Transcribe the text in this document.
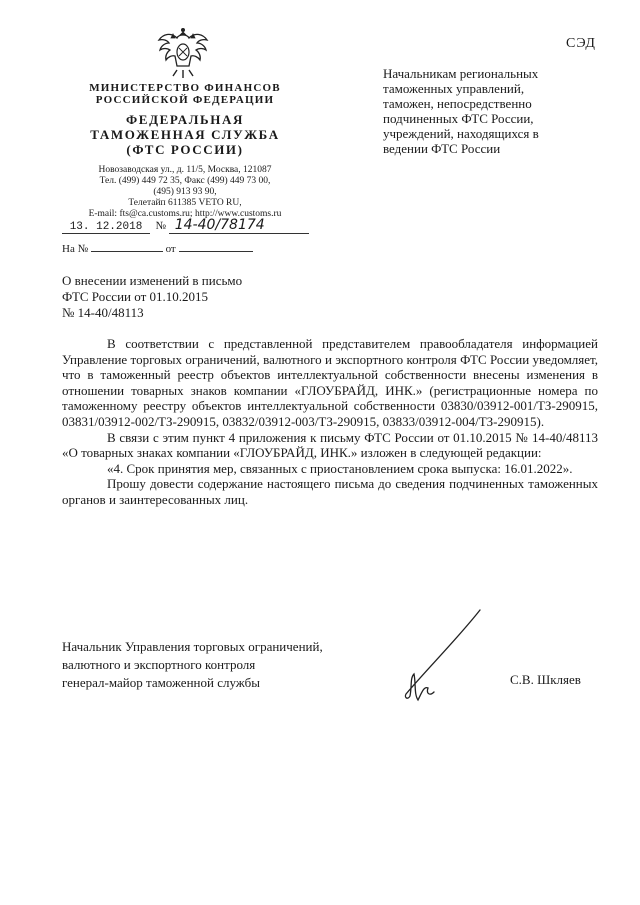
СЭД
МИНИСТЕРСТВО ФИНАНСОВ
РОССИЙСКОЙ ФЕДЕРАЦИИ
ФЕДЕРАЛЬНАЯ
ТАМОЖЕННАЯ СЛУЖБА
(ФТС РОССИИ)
Новозаводская ул., д. 11/5, Москва, 121087
Тел. (499) 449 72 35, Факс (499) 449 73 00,
(495) 913 93 90,
Телетайп 611385 VETO RU,
E-mail: fts@ca.customs.ru; http://www.customs.ru
Начальникам региональных
таможенных управлений,
таможен, непосредственно
подчиненных ФТС России,
учреждений, находящихся в
ведении ФТС России
13. 12.2018 № 14-40/78174
На №	от
О внесении изменений в письмо
ФТС России от 01.10.2015
№ 14-40/48113

В соответствии с представленной представителем правообладателя информацией Управление торговых ограничений, валютного и экспортного контроля ФТС России уведомляет, что в таможенный реестр объектов интеллектуальной собственности внесены изменения в отношении товарных знаков компании «ГЛОУБРАЙД, ИНК.» (регистрационные номера по таможенному реестру объектов интеллектуальной собственности 03830/03912-001/ТЗ-290915, 03831/03912-002/ТЗ-290915, 03832/03912-003/ТЗ-290915, 03833/03912-004/ТЗ-290915).

В связи с этим пункт 4 приложения к письму ФТС России от 01.10.2015 № 14-40/48113 «О товарных знаках компании «ГЛОУБРАЙД, ИНК.» изложен в следующей редакции:

«4. Срок принятия мер, связанных с приостановлением срока выпуска: 16.01.2022».

Прошу довести содержание настоящего письма до сведения подчиненных таможенных органов и заинтересованных лиц.

Начальник Управления торговых ограничений,
валютного и экспортного контроля
генерал-майор таможенной службы	С.В. Шкляев
